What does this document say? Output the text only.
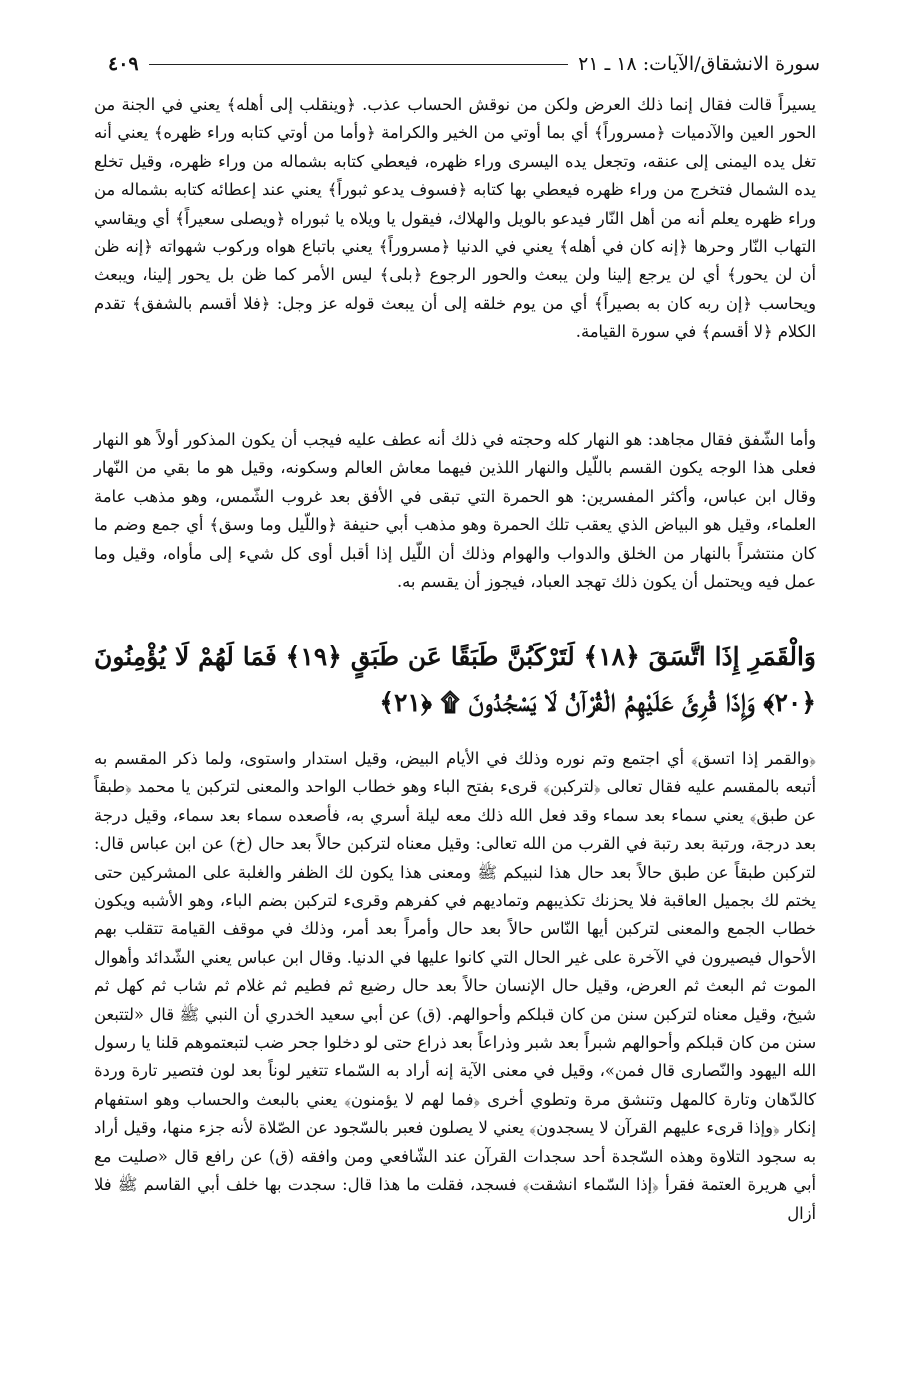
سورة الانشقاق/الآيات: ١٨ ـ ٢١
٤٠٩

يسيراً قالت فقال إنما ذلك العرض ولكن من نوقش الحساب عذب. ﴿وينقلب إلى أهله﴾ يعني في الجنة من الحور العين والآدميات ﴿مسروراً﴾ أي بما أوتي من الخير والكرامة ﴿وأما من أوتي كتابه وراء ظهره﴾ يعني أنه تغل يده اليمنى إلى عنقه، وتجعل يده اليسرى وراء ظهره، فيعطي كتابه بشماله من وراء ظهره، وقيل تخلع يده الشمال فتخرج من وراء ظهره فيعطي بها كتابه ﴿فسوف يدعو ثبوراً﴾ يعني عند إعطائه كتابه بشماله من وراء ظهره يعلم أنه من أهل النّار فيدعو بالويل والهلاك، فيقول يا ويلاه يا ثبوراه ﴿ويصلى سعيراً﴾ أي ويقاسي التهاب النّار وحرها ﴿إنه كان في أهله﴾ يعني في الدنيا ﴿مسروراً﴾ يعني باتباع هواه وركوب شهواته ﴿إنه ظن أن لن يحور﴾ أي لن يرجع إلينا ولن يبعث والحور الرجوع ﴿بلى﴾ ليس الأمر كما ظن بل يحور إلينا، ويبعث ويحاسب ﴿إن ربه كان به بصيراً﴾ أي من يوم خلقه إلى أن يبعث قوله عز وجل: ﴿فلا أقسم بالشفق﴾ تقدم الكلام ﴿لا أقسم﴾ في سورة القيامة.

وأما الشّفق فقال مجاهد: هو النهار كله وحجته في ذلك أنه عطف عليه فيجب أن يكون المذكور أولاً هو النهار فعلى هذا الوجه يكون القسم باللّيل والنهار اللذين فيهما معاش العالم وسكونه، وقيل هو ما بقي من النّهار وقال ابن عباس، وأكثر المفسرين: هو الحمرة التي تبقى في الأفق بعد غروب الشّمس، وهو مذهب عامة العلماء، وقيل هو البياض الذي يعقب تلك الحمرة وهو مذهب أبي حنيفة ﴿واللّيل وما وسق﴾ أي جمع وضم ما كان منتشراً بالنهار من الخلق والدواب والهوام وذلك أن اللّيل إذا أقبل أوى كل شيء إلى مأواه، وقيل وما عمل فيه ويحتمل أن يكون ذلك تهجد العباد، فيجوز أن يقسم به.

وَالْقَمَرِ إِذَا اتَّسَقَ ﴿١٨﴾ لَتَرْكَبُنَّ طَبَقًا عَن طَبَقٍ ﴿١٩﴾ فَمَا لَهُمْ لَا يُؤْمِنُونَ ﴿٢٠﴾ وَإِذَا قُرِئَ عَلَيْهِمُ الْقُرْآنُ لَا يَسْجُدُونَ ۩ ﴿٢١﴾

﴿والقمر إذا اتسق﴾ أي اجتمع وتم نوره وذلك في الأيام البيض، وقيل استدار واستوى، ولما ذكر المقسم به أتبعه بالمقسم عليه فقال تعالى ﴿لتركبن﴾ قرىء بفتح الباء وهو خطاب الواحد والمعنى لتركبن يا محمد ﴿طبقاً عن طبق﴾ يعني سماء بعد سماء وقد فعل الله ذلك معه ليلة أسري به، فأصعده سماء بعد سماء، وقيل درجة بعد درجة، ورتبة بعد رتبة في القرب من الله تعالى: وقيل معناه لتركبن حالاً بعد حال (خ) عن ابن عباس قال: لتركبن طبقاً عن طبق حالاً بعد حال هذا لنبيكم ﷺ ومعنى هذا يكون لك الظفر والغلبة على المشركين حتى يختم لك بجميل العاقبة فلا يحزنك تكذيبهم وتماديهم في كفرهم وقرىء لتركبن بضم الباء، وهو الأشبه ويكون خطاب الجمع والمعنى لتركبن أيها النّاس حالاً بعد حال وأمراً بعد أمر، وذلك في موقف القيامة تتقلب بهم الأحوال فيصيرون في الآخرة على غير الحال التي كانوا عليها في الدنيا. وقال ابن عباس يعني الشّدائد وأهوال الموت ثم البعث ثم العرض، وقيل حال الإنسان حالاً بعد حال رضيع ثم فطيم ثم غلام ثم شاب ثم كهل ثم شيخ، وقيل معناه لتركبن سنن من كان قبلكم وأحوالهم. (ق) عن أبي سعيد الخدري أن النبي ﷺ قال «لتتبعن سنن من كان قبلكم وأحوالهم شبراً بعد شبر وذراعاً بعد ذراع حتى لو دخلوا جحر ضب لتبعتموهم قلنا يا رسول الله اليهود والنّصارى قال فمن»، وقيل في معنى الآية إنه أراد به السّماء تتغير لوناً بعد لون فتصير تارة وردة كالدّهان وتارة كالمهل وتنشق مرة وتطوي أخرى ﴿فما لهم لا يؤمنون﴾ يعني بالبعث والحساب وهو استفهام إنكار ﴿وإذا قرىء عليهم القرآن لا يسجدون﴾ يعني لا يصلون فعبر بالسّجود عن الصّلاة لأنه جزء منها، وقيل أراد به سجود التلاوة وهذه السّجدة أحد سجدات القرآن عند الشّافعي ومن وافقه (ق) عن رافع قال «صليت مع أبي هريرة العتمة فقرأ ﴿إذا السّماء انشقت﴾ فسجد، فقلت ما هذا قال: سجدت بها خلف أبي القاسم ﷺ فلا أزال
